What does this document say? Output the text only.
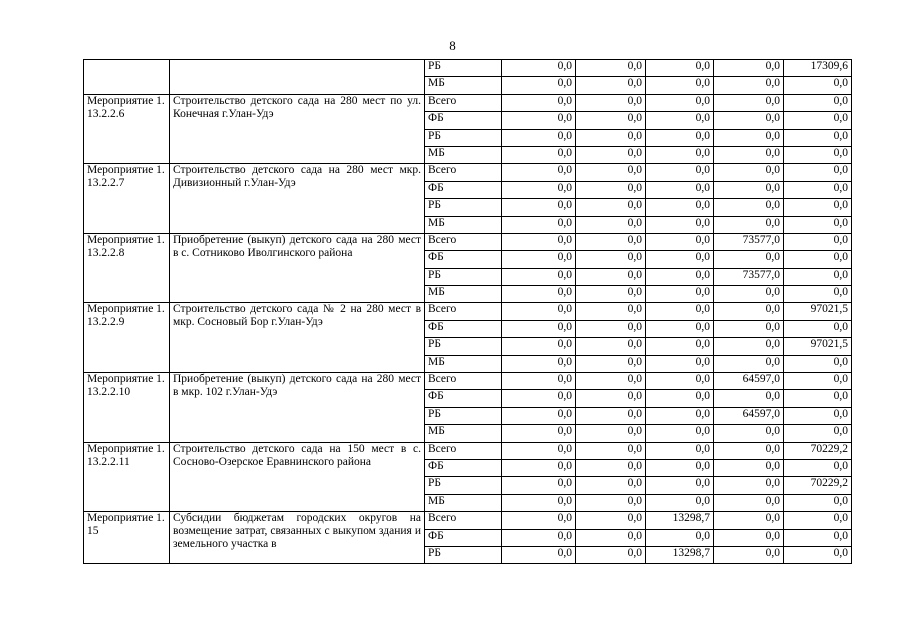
8
		РБ	0,0	0,0	0,0	0,0	17309,6
		МБ	0,0	0,0	0,0	0,0	0,0
Мероприятие 1.13.2.2.6	Строительство детского сада на 280 мест по ул. Конечная г.Улан-Удэ	Всего	0,0	0,0	0,0	0,0	0,0
		ФБ	0,0	0,0	0,0	0,0	0,0
		РБ	0,0	0,0	0,0	0,0	0,0
		МБ	0,0	0,0	0,0	0,0	0,0
Мероприятие 1.13.2.2.7	Строительство детского сада на 280 мест мкр. Дивизионный г.Улан-Удэ	Всего	0,0	0,0	0,0	0,0	0,0
		ФБ	0,0	0,0	0,0	0,0	0,0
		РБ	0,0	0,0	0,0	0,0	0,0
		МБ	0,0	0,0	0,0	0,0	0,0
Мероприятие 1.13.2.2.8	Приобретение (выкуп) детского сада на 280 мест в с. Сотниково Иволгинского района	Всего	0,0	0,0	0,0	73577,0	0,0
		ФБ	0,0	0,0	0,0	0,0	0,0
		РБ	0,0	0,0	0,0	73577,0	0,0
		МБ	0,0	0,0	0,0	0,0	0,0
Мероприятие 1.13.2.2.9	Строительство детского сада № 2 на 280 мест в мкр. Сосновый Бор г.Улан-Удэ	Всего	0,0	0,0	0,0	0,0	97021,5
		ФБ	0,0	0,0	0,0	0,0	0,0
		РБ	0,0	0,0	0,0	0,0	97021,5
		МБ	0,0	0,0	0,0	0,0	0,0
Мероприятие 1.13.2.2.10	Приобретение (выкуп) детского сада на 280 мест в мкр. 102 г.Улан-Удэ	Всего	0,0	0,0	0,0	64597,0	0,0
		ФБ	0,0	0,0	0,0	0,0	0,0
		РБ	0,0	0,0	0,0	64597,0	0,0
		МБ	0,0	0,0	0,0	0,0	0,0
Мероприятие 1.13.2.2.11	Строительство детского сада на 150 мест в с. Сосново-Озерское Еравнинского района	Всего	0,0	0,0	0,0	0,0	70229,2
		ФБ	0,0	0,0	0,0	0,0	0,0
		РБ	0,0	0,0	0,0	0,0	70229,2
		МБ	0,0	0,0	0,0	0,0	0,0
Мероприятие 1.15	Субсидии бюджетам городских округов на возмещение затрат, связанных с выкупом здания и земельного участка в	Всего	0,0	0,0	13298,7	0,0	0,0
		ФБ	0,0	0,0	0,0	0,0	0,0
		РБ	0,0	0,0	13298,7	0,0	0,0
